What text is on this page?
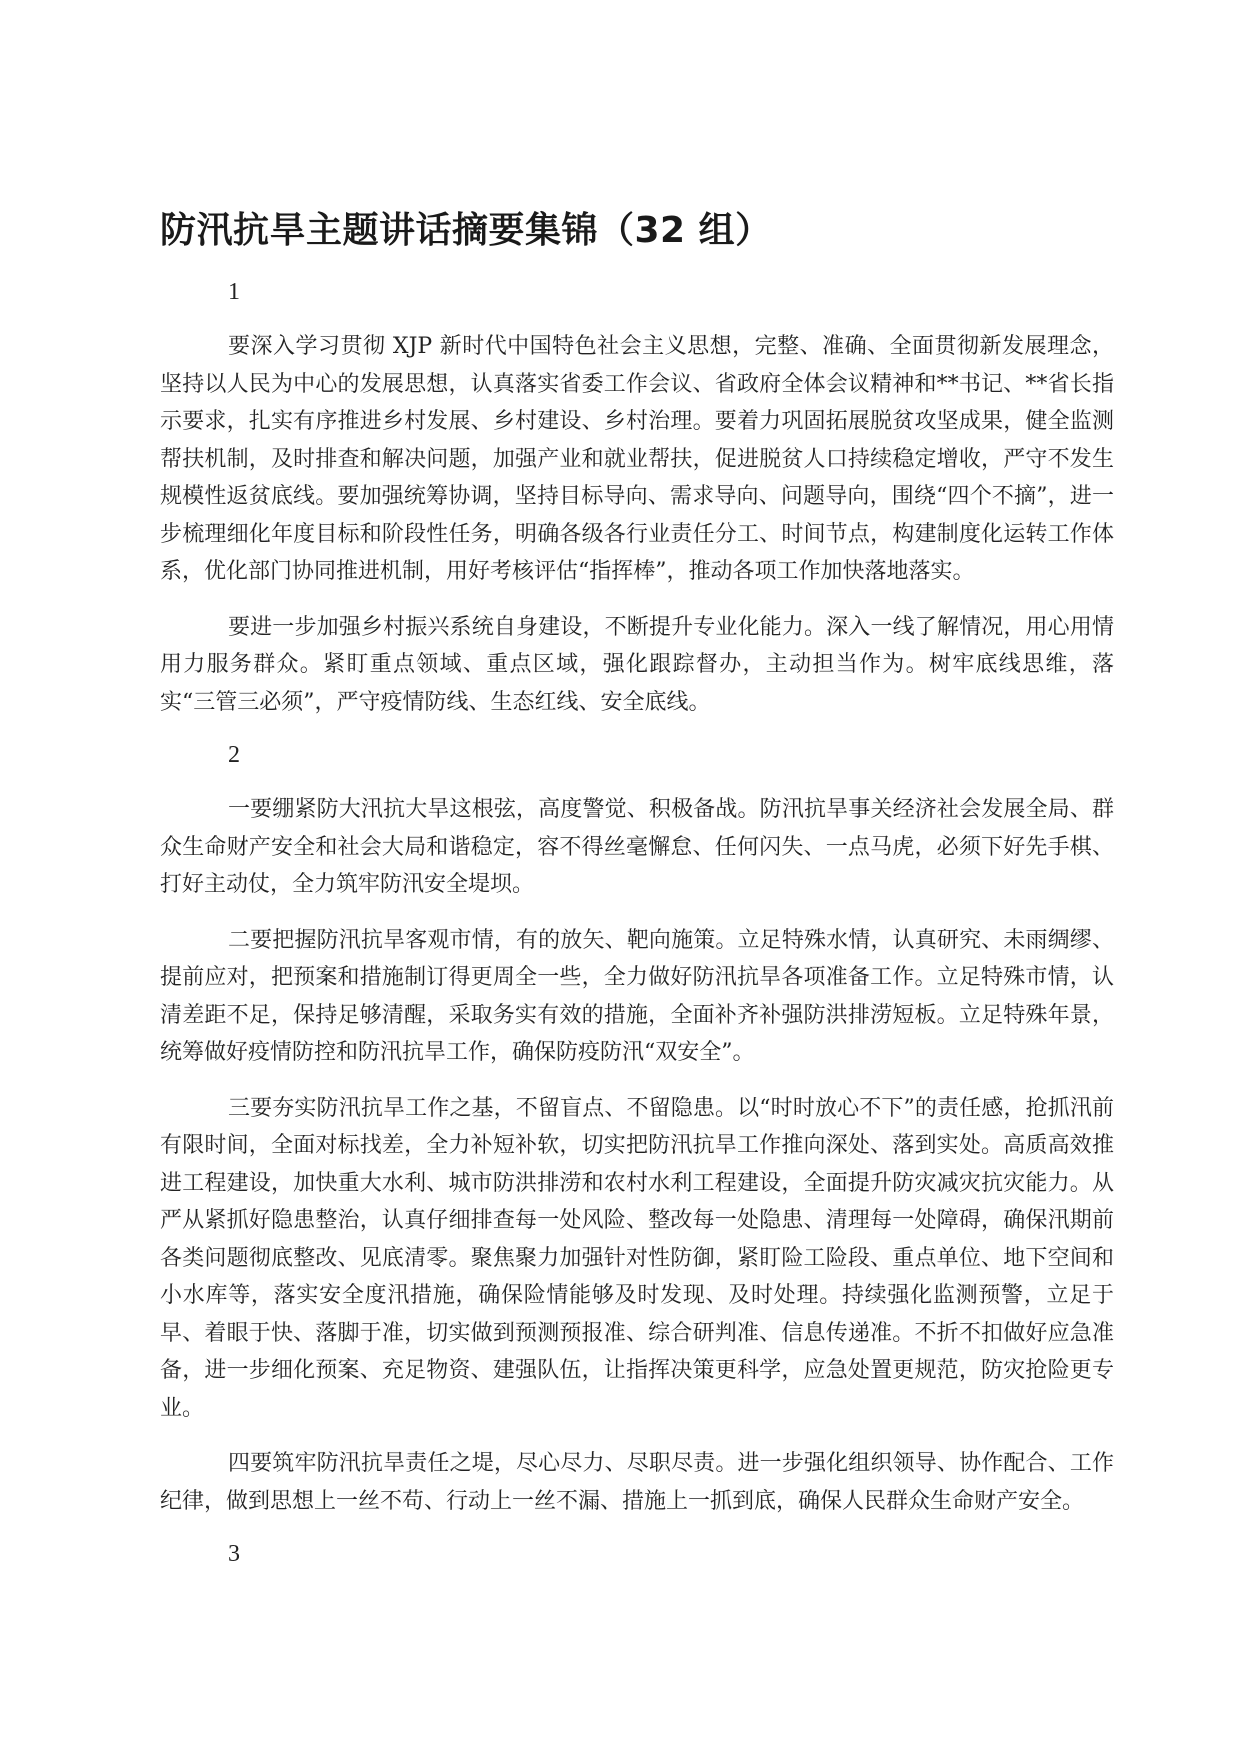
防汛抗旱主题讲话摘要集锦（32 组）

1

要深入学习贯彻 XJP 新时代中国特色社会主义思想，完整、准确、全面贯彻新发展理念，坚持以人民为中心的发展思想，认真落实省委工作会议、省政府全体会议精神和**书记、**省长指示要求，扎实有序推进乡村发展、乡村建设、乡村治理。要着力巩固拓展脱贫攻坚成果，健全监测帮扶机制，及时排查和解决问题，加强产业和就业帮扶，促进脱贫人口持续稳定增收，严守不发生规模性返贫底线。要加强统筹协调，坚持目标导向、需求导向、问题导向，围绕“四个不摘”，进一步梳理细化年度目标和阶段性任务，明确各级各行业责任分工、时间节点，构建制度化运转工作体系，优化部门协同推进机制，用好考核评估“指挥棒”，推动各项工作加快落地落实。

要进一步加强乡村振兴系统自身建设，不断提升专业化能力。深入一线了解情况，用心用情用力服务群众。紧盯重点领域、重点区域，强化跟踪督办，主动担当作为。树牢底线思维，落实“三管三必须”，严守疫情防线、生态红线、安全底线。

2

一要绷紧防大汛抗大旱这根弦，高度警觉、积极备战。防汛抗旱事关经济社会发展全局、群众生命财产安全和社会大局和谐稳定，容不得丝毫懈怠、任何闪失、一点马虎，必须下好先手棋、打好主动仗，全力筑牢防汛安全堤坝。

二要把握防汛抗旱客观市情，有的放矢、靶向施策。立足特殊水情，认真研究、未雨绸缪、提前应对，把预案和措施制订得更周全一些，全力做好防汛抗旱各项准备工作。立足特殊市情，认清差距不足，保持足够清醒，采取务实有效的措施，全面补齐补强防洪排涝短板。立足特殊年景，统筹做好疫情防控和防汛抗旱工作，确保防疫防汛“双安全”。

三要夯实防汛抗旱工作之基，不留盲点、不留隐患。以“时时放心不下”的责任感，抢抓汛前有限时间，全面对标找差，全力补短补软，切实把防汛抗旱工作推向深处、落到实处。高质高效推进工程建设，加快重大水利、城市防洪排涝和农村水利工程建设，全面提升防灾减灾抗灾能力。从严从紧抓好隐患整治，认真仔细排查每一处风险、整改每一处隐患、清理每一处障碍，确保汛期前各类问题彻底整改、见底清零。聚焦聚力加强针对性防御，紧盯险工险段、重点单位、地下空间和小水库等，落实安全度汛措施，确保险情能够及时发现、及时处理。持续强化监测预警，立足于早、着眼于快、落脚于准，切实做到预测预报准、综合研判准、信息传递准。不折不扣做好应急准备，进一步细化预案、充足物资、建强队伍，让指挥决策更科学，应急处置更规范，防灾抢险更专业。

四要筑牢防汛抗旱责任之堤，尽心尽力、尽职尽责。进一步强化组织领导、协作配合、工作纪律，做到思想上一丝不苟、行动上一丝不漏、措施上一抓到底，确保人民群众生命财产安全。

3
